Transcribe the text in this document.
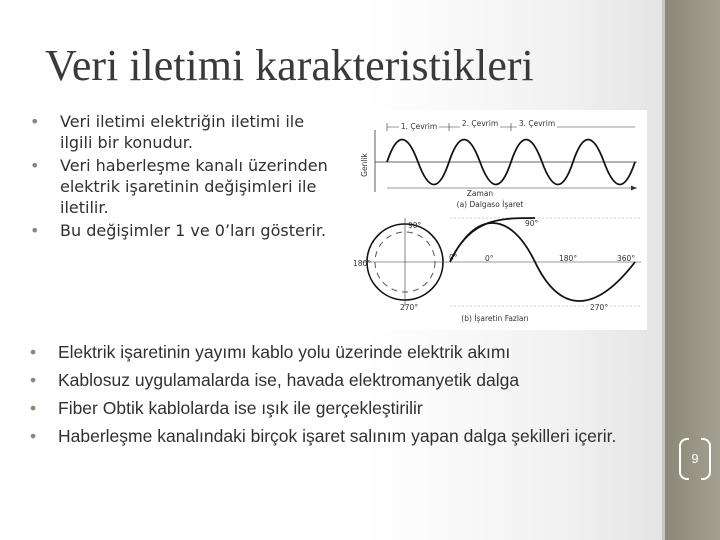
Veri iletimi karakteristikleri
• Veri iletimi elektriğin iletimi ile ilgili bir konudur.
• Veri haberleşme kanalı üzerinden elektrik işaretinin değişimleri ile iletilir.
• Bu değişimler 1 ve 0’ları gösterir.
Genlik
1. Çevrim	2. Çevrim	3. Çevrim
Zaman
(a) Dalgaso İşaret
90°
180°
0°
270°
0°
90°
180°	360°
270°
(b) İşaretin Fazları
• Elektrik işaretinin yayımı kablo yolu üzerinde elektrik akımı
• Kablosuz uygulamalarda ise, havada elektromanyetik dalga
• Fiber Obtik kablolarda ise ışık ile gerçekleştirilir
• Haberleşme kanalındaki birçok işaret salınım yapan dalga şekilleri içerir.
9
